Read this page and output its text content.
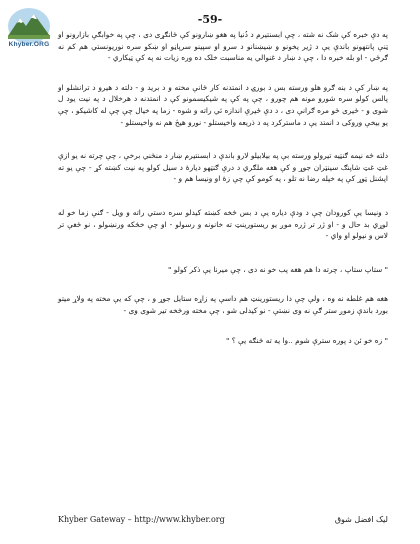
Khyber.ORG
-59-

په دې خبره کې شک نه شته ، چې ابسنتيرم د دُنيا په هغو ښارونو کې ځانګړى دى ، چې په خوابګې بازارونو او ټنې پانتهونو باندې يې د ژير يخونو و ښيښنانو د سرو او سپينو سرپاڼو او ښکو سره نوريونستي هم کم نه ګرځي - او بله خبره دا ، چې د ښار د غنوالي يه مناسبت خلک ده وره زيات نه په کې ټيکاري -

په ښار کې د بنه ګرو هلو ورسته بس د بورۍ د انمتدنه کار ځانې مخته و د بريد و - دلته د هيرو د ترانشلو او پالس کولو سره شورو مونه هم چورو ، چې په کې په شيکيسمونو کې د انمتدنه د هرخلال د په نيت يود ل شوى و - ځيرى ځو مره ګرانې دى ، د دې ځيرې اندازه ئي راته و شوه - زما په خيال چې چې له کاشيکو ، چې يو بيخې وروکی د انمتد يې د ماسترکرد په د ذريعه واخيستلو - نورو هيڅ هم نه واخيستلو -

دلته څه نيمه ګنټيه تيرولو ورسته بې په بيلابيلو لارو باندې د ابسنتيرم ښار د منځني برخې ، چې چرته نه يو ازې غټ غټ شاپنګ سينټران جوړ و کې هغه ملګري د درې ګنټهو ديارۀ د سيل کولو په نيت کښته کړ - چې يو ته اپشنل ټوړ کې په خپله رضا نه تلو ، په کومو کې چې زۀ او ونيسا هم و -

د ونيسا يې کورودان چې د ودې دياره يې د بس څخه کښته کيدلو سره دستي راته و ويل - ګنې زما خو له لوړي بد حال و - او ژر تر ژره موږ يو ريستورينټ ته خانونه و رسولو - او چې خڅکه ورنښولو ، نو ځغې تر لاس و نيولو او واي -

" ستاپ ستاپ ، چرته دا هم هغه پب خو نه دی ، چې ميرنا يې ذکر کولو "

هغه هم غلطه نه وه ، ولې چې دا ريستورينټ هم داسې په زاړه ستايل جوړ و ، چې که يې مخته په ولاړ ميتو بورد باندې زموږ ستر ګې نه وی نښتې - نو کيدلی شو ، چې مخته ورڅخه تير شوی وی -

" زه خو ئن د پوره سترې شوم ..وا يه ته څنګه يې ؟ "

Khyber Gateway – http://www.khyber.org	ليک افضل شوق
